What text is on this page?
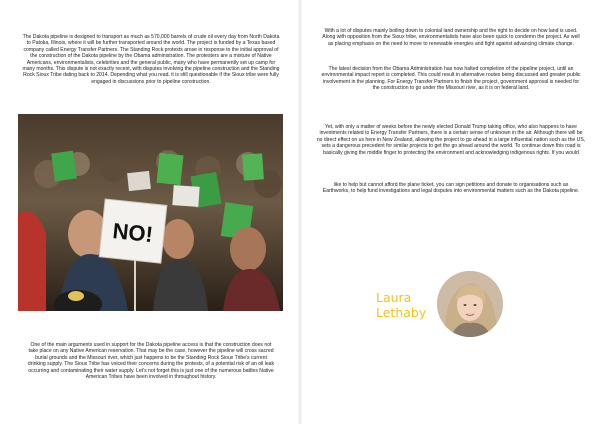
The Dakota pipeline is designed to transport as much as 570,000 barrels of crude oil every day from North Dakota to Patoka, Illinois, where it will be further transported around the world. The project is funded by a Texas based company called Energy Transfer Partners. The Standing Rock protests arose in response to the initial approval of the construction of the Dakota pipeline by the Obama administration. The protesters are a mixture of Native Americans, environmentalists, celebrities and the general public, many who have permanently set up camp for many months. This dispute is not exactly recent, with disputes involving the pipeline construction and the Standing Rock Sioux Tribe dating back to 2014. Depending what you read, it is still questionable if the Sioux tribe were fully engaged in discussions prior to pipeline construction.

NO!

One of the main arguments used in support for the Dakota pipeline access is that the construction does not take place on any Native American reservation. That may be the case, however the pipeline will cross sacred burial grounds and the Missouri river, which just happens to be the Standing Rock Sioux Tribe's current drinking supply. The Sioux Tribe has voiced their concerns during the protests, of a potential risk of an oil leak occurring and contaminating their water supply. Let's not forget this is just one of the numerous battles Native American Tribes have been involved in throughout history.

With a lot of disputes mainly boiling down to colonial land ownership and the right to decide on how land is used. Along with opposition from the Sioux tribe, environmentalists have also been quick to condemn the project. As well as placing emphasis on the need to move to renewable energies and fight against advancing climate change.

The latest decision from the Obama Administration has now halted completion of the pipeline project, until an environmental impact report is completed. This could result in alternative routes being discussed and greater public involvement in the planning. For Energy Transfer Partners to finish the project, government approval is needed for the construction to go under the Missouri river, as it is on federal land.

Yet, with only a matter of weeks before the newly elected Donald Trump taking office, who also happens to have investments related to Energy Transfer Partners, there is a certain sense of unknown in the air. Although there will be no direct effect on us here in New Zealand, allowing the project to go ahead in a large influential nation such as the US, sets a dangerous precedent for similar projects to get the go ahead around the world. To continue down this road is basically giving the middle finger to protecting the environment and acknowledging indigenous rights. If you would

like to help but cannot afford the plane ticket, you can sign petitions and donate to organisations such as Earthworks, to help fund investigations and legal disputes into environmental matters such as the Dakota pipeline.

Laura
Lethaby
